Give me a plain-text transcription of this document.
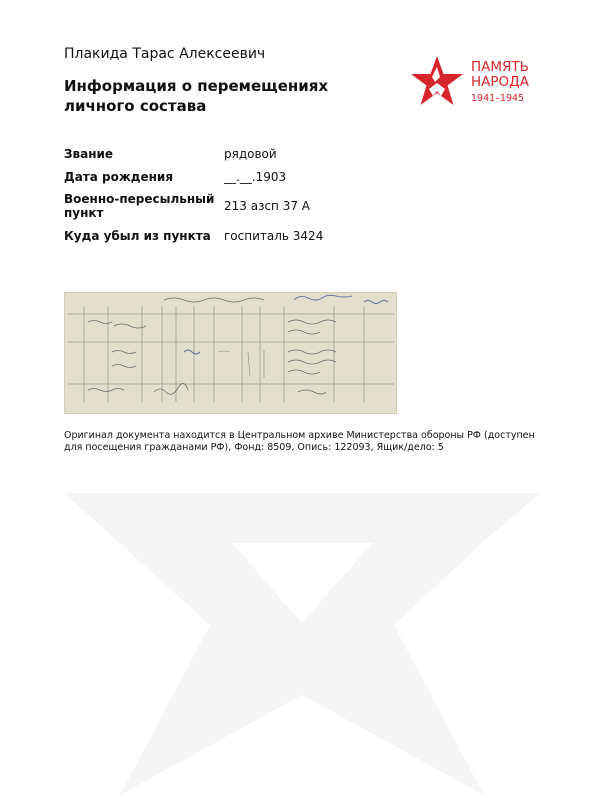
Плакида Тарас Алексеевич
Информация о перемещениях
личного состава
ПАМЯТЬ
НАРОДА
1941–1945
Звание	рядовой
Дата рождения	__.__.1903
Военно-пересыльный пункт	213 азсп 37 А
Куда убыл из пункта	госпиталь 3424
Оригинал документа находится в Центральном архиве Министерства обороны РФ (доступен для посещения гражданами РФ), Фонд: 8509, Опись: 122093, Ящик/дело: 5
